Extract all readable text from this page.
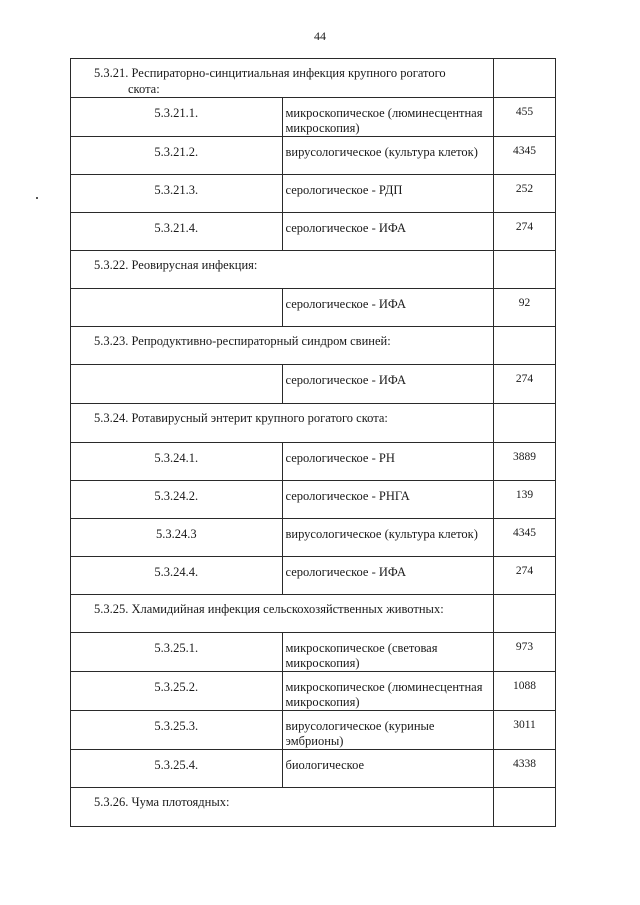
44
5.3.21. Респираторно-синцитиальная инфекция крупного рогатого
скота:		

5.3.21.1.	микроскопическое (люминесцентная микроскопия)	455
5.3.21.2.	вирусологическое (культура клеток)	4345
5.3.21.3.	серологическое - РДП	252
5.3.21.4.	серологическое - ИФА	274
5.3.22. Реовирусная инфекция:		
	серологическое - ИФА	92
5.3.23. Репродуктивно-респираторный синдром свиней:		
	серологическое - ИФА	274
5.3.24. Ротавирусный энтерит крупного рогатого скота:		
5.3.24.1.	серологическое - РН	3889
5.3.24.2.	серологическое - РНГА	139
5.3.24.3	вирусологическое (культура клеток)	4345
5.3.24.4.	серологическое - ИФА	274
5.3.25. Хламидийная инфекция сельскохозяйственных животных:		
5.3.25.1.	микроскопическое (световая микроскопия)	973
5.3.25.2.	микроскопическое (люминесцентная микроскопия)	1088
5.3.25.3.	вирусологическое (куриные эмбрионы)	3011
5.3.25.4.	биологическое	4338
5.3.26. Чума плотоядных:		
